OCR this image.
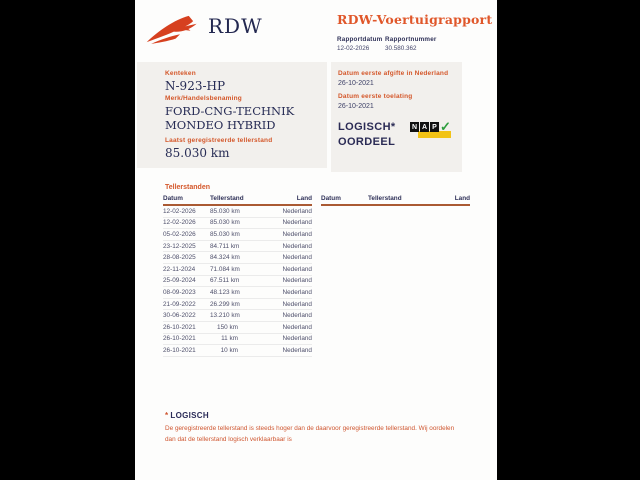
RDW	RDW-Voertuigrapport
Rapportdatum
12-02-2026
Rapportnummer
30.580.362
Kenteken
N-923-HP
Merk/Handelsbenaming
FORD-CNG-TECHNIK
MONDEO HYBRID
Laatst geregistreerde tellerstand
85.030 km
Datum eerste afgifte in Nederland
26-10-2021
Datum eerste toelating
26-10-2021
LOGISCH*
OORDEEL
N A P ✓
Tellerstanden
Datum	Tellerstand	Land
12-02-2026	85.030 km	Nederland
12-02-2026	85.030 km	Nederland
05-02-2026	85.030 km	Nederland
23-12-2025	84.711 km	Nederland
28-08-2025	84.324 km	Nederland
22-11-2024	71.084 km	Nederland
25-09-2024	67.511 km	Nederland
08-09-2023	48.123 km	Nederland
21-09-2022	26.299 km	Nederland
30-06-2022	13.210 km	Nederland
26-10-2021	150 km	Nederland
26-10-2021	11 km	Nederland
26-10-2021	10 km	Nederland
Datum	Tellerstand	Land
* LOGISCH
De geregistreerde tellerstand is steeds hoger dan de daarvoor geregistreerde tellerstand. Wij oordelen dan dat de tellerstand logisch verklaarbaar is
